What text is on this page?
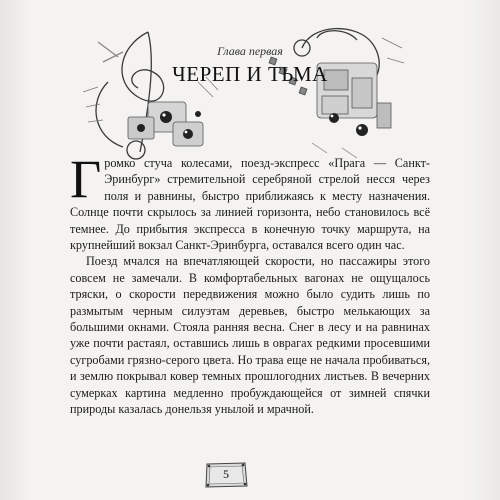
Глава первая
ЧЕРЕП И ТЬМА

Громко стуча колесами, поезд-экспресс «Прага — Санкт-Эринбург» стремительной серебряной стрелой несся через поля и равнины, быстро приближаясь к месту назначения. Солнце почти скрылось за линией горизонта, небо становилось всё темнее. До прибытия экспресса в конечную точку маршрута, на крупнейший вокзал Санкт-Эринбурга, оставался всего один час.

Поезд мчался на впечатляющей скорости, но пассажиры этого совсем не замечали. В комфортабельных вагонах не ощущалось тряски, о скорости передвижения можно было судить лишь по размытым черным силуэтам деревьев, быстро мелькающих за большими окнами. Стояла ранняя весна. Снег в лесу и на равнинах уже почти растаял, оставшись лишь в оврагах редкими просевшими сугробами грязно-серого цвета. Но трава еще не начала пробиваться, и землю покрывал ковер темных прошлогодних листьев. В вечерних сумерках картина медленно пробуждающейся от зимней спячки природы казалась донельзя унылой и мрачной.

5
